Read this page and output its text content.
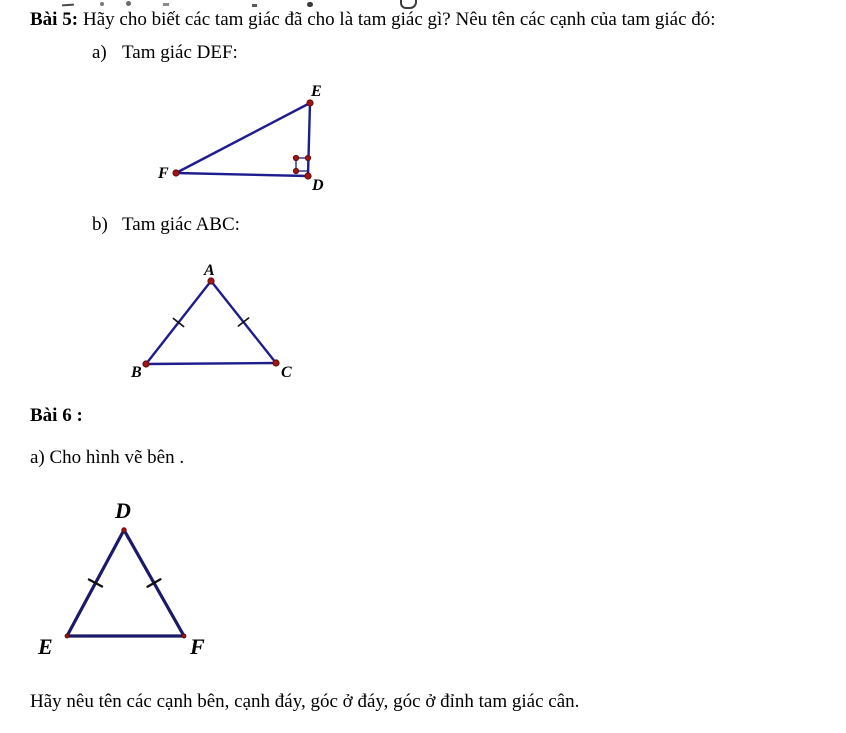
Bài 5: Hãy cho biết các tam giác đã cho là tam giác gì? Nêu tên các cạnh của tam giác đó:
a) Tam giác DEF:
E
F
D
b) Tam giác ABC:
A
B	C
Bài 6 :
a) Cho hình vẽ bên .
D
E	F
Hãy nêu tên các cạnh bên, cạnh đáy, góc ở đáy, góc ở đỉnh tam giác cân.
